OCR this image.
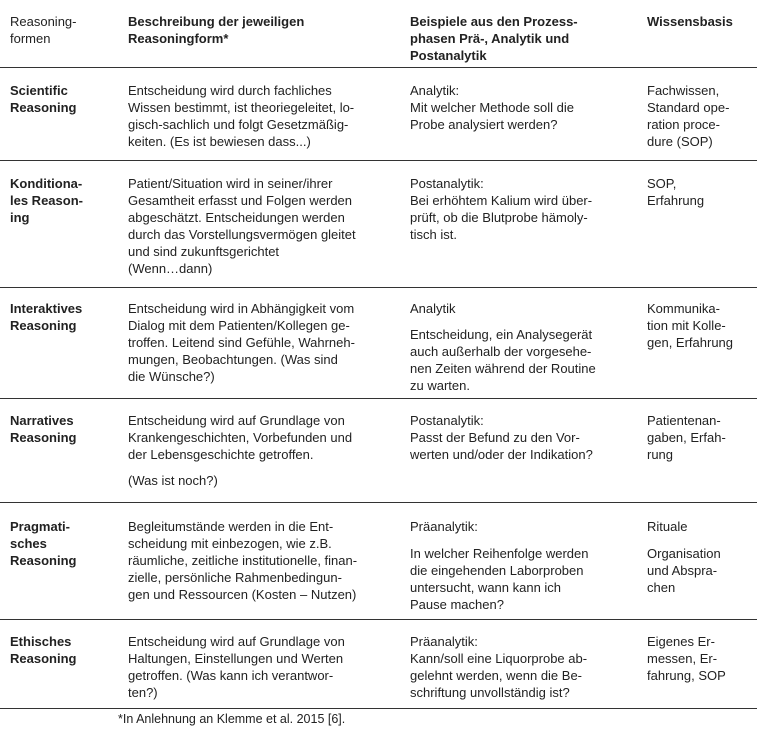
Reasoning-
formen
Beschreibung der jeweiligen
Reasoningform*
Beispiele aus den Prozess-
phasen Prä-, Analytik und
Postanalytik
Wissensbasis
Scientific
Reasoning
Entscheidung wird durch fachliches
Wissen bestimmt, ist theoriegeleitet, lo-
gisch-sachlich und folgt Gesetzmäßig-
keiten. (Es ist bewiesen dass...)
Analytik:
Mit welcher Methode soll die
Probe analysiert werden?
Fachwissen,
Standard ope-
ration proce-
dure (SOP)
Konditiona-
les Reason-
ing
Patient/Situation wird in seiner/ihrer
Gesamtheit erfasst und Folgen werden
abgeschätzt. Entscheidungen werden
durch das Vorstellungsvermögen gleitet
und sind zukunftsgerichtet
(Wenn…dann)
Postanalytik:
Bei erhöhtem Kalium wird über-
prüft, ob die Blutprobe hämoly-
tisch ist.
SOP,
Erfahrung
Interaktives
Reasoning
Entscheidung wird in Abhängigkeit vom
Dialog mit dem Patienten/Kollegen ge-
troffen. Leitend sind Gefühle, Wahrneh-
mungen, Beobachtungen. (Was sind
die Wünsche?)
Analytik
Entscheidung, ein Analysegerät
auch außerhalb der vorgesehe-
nen Zeiten während der Routine
zu warten.
Kommunika-
tion mit Kolle-
gen, Erfahrung
Narratives
Reasoning
Entscheidung wird auf Grundlage von
Krankengeschichten, Vorbefunden und
der Lebensgeschichte getroffen.
(Was ist noch?)
Postanalytik:
Passt der Befund zu den Vor-
werten und/oder der Indikation?
Patientenan-
gaben, Erfah-
rung
Pragmati-
sches
Reasoning
Begleitumstände werden in die Ent-
scheidung mit einbezogen, wie z.B.
räumliche, zeitliche institutionelle, finan-
zielle, persönliche Rahmenbedingun-
gen und Ressourcen (Kosten – Nutzen)
Präanalytik:
In welcher Reihenfolge werden
die eingehenden Laborproben
untersucht, wann kann ich
Pause machen?
Rituale
Organisation
und Abspra-
chen
Ethisches
Reasoning
Entscheidung wird auf Grundlage von
Haltungen, Einstellungen und Werten
getroffen. (Was kann ich verantwor-
ten?)
Präanalytik:
Kann/soll eine Liquorprobe ab-
gelehnt werden, wenn die Be-
schriftung unvollständig ist?
Eigenes Er-
messen, Er-
fahrung, SOP
*In Anlehnung an Klemme et al. 2015 [6].
